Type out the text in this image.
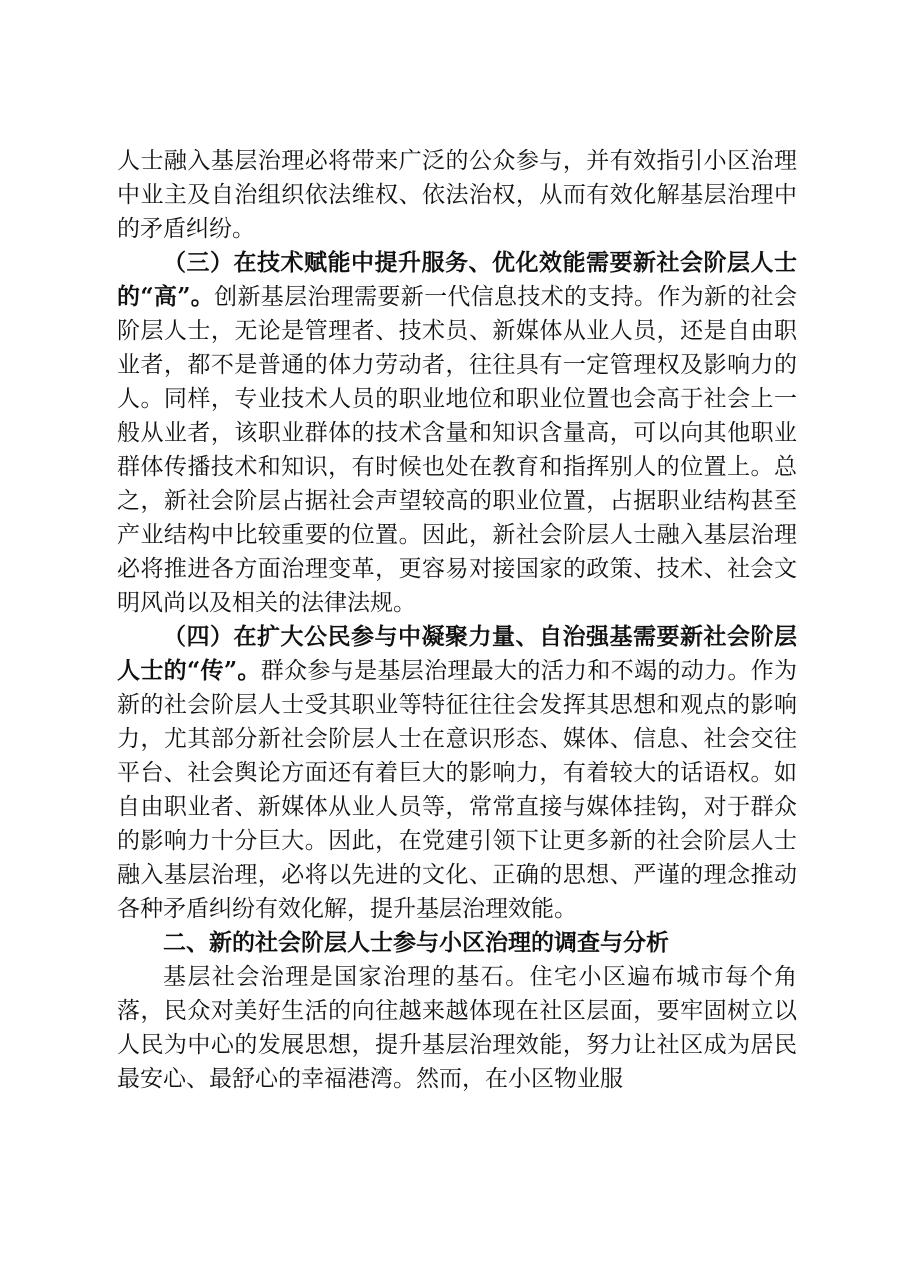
人士融入基层治理必将带来广泛的公众参与，并有效指引小区治理中业主及自治组织依法维权、依法治权，从而有效化解基层治理中的矛盾纠纷。

（三）在技术赋能中提升服务、优化效能需要新社会阶层人士的“高”。创新基层治理需要新一代信息技术的支持。作为新的社会阶层人士，无论是管理者、技术员、新媒体从业人员，还是自由职业者，都不是普通的体力劳动者，往往具有一定管理权及影响力的人。同样，专业技术人员的职业地位和职业位置也会高于社会上一般从业者，该职业群体的技术含量和知识含量高，可以向其他职业群体传播技术和知识，有时候也处在教育和指挥别人的位置上。总之，新社会阶层占据社会声望较高的职业位置，占据职业结构甚至产业结构中比较重要的位置。因此，新社会阶层人士融入基层治理必将推进各方面治理变革，更容易对接国家的政策、技术、社会文明风尚以及相关的法律法规。

（四）在扩大公民参与中凝聚力量、自治强基需要新社会阶层人士的“传”。群众参与是基层治理最大的活力和不竭的动力。作为新的社会阶层人士受其职业等特征往往会发挥其思想和观点的影响力，尤其部分新社会阶层人士在意识形态、媒体、信息、社会交往平台、社会舆论方面还有着巨大的影响力，有着较大的话语权。如自由职业者、新媒体从业人员等，常常直接与媒体挂钩，对于群众的影响力十分巨大。因此，在党建引领下让更多新的社会阶层人士融入基层治理，必将以先进的文化、正确的思想、严谨的理念推动各种矛盾纠纷有效化解，提升基层治理效能。

二、新的社会阶层人士参与小区治理的调查与分析

基层社会治理是国家治理的基石。住宅小区遍布城市每个角落，民众对美好生活的向往越来越体现在社区层面，要牢固树立以人民为中心的发展思想，提升基层治理效能，努力让社区成为居民最安心、最舒心的幸福港湾。然而，在小区物业服
